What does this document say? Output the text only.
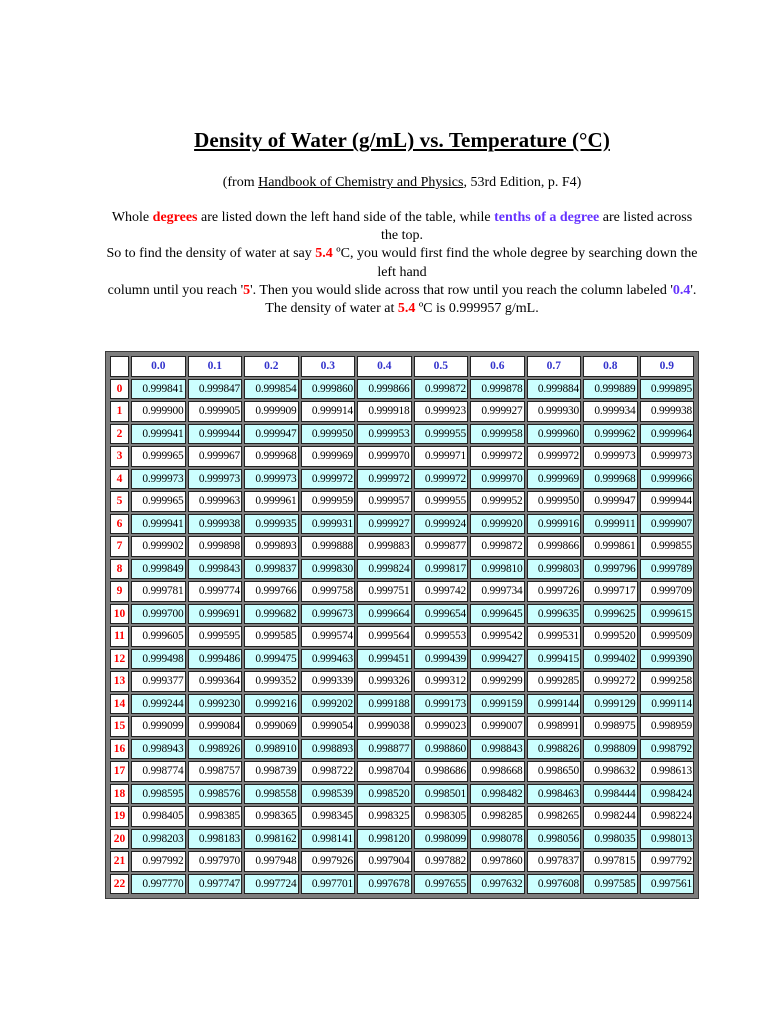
Density of Water (g/mL) vs. Temperature (°C)
(from Handbook of Chemistry and Physics, 53rd Edition, p. F4)
Whole degrees are listed down the left hand side of the table, while tenths of a degree are listed across the top.
So to find the density of water at say 5.4 ºC, you would first find the whole degree by searching down the left hand
column until you reach '5'. Then you would slide across that row until you reach the column labeled '0.4'.
The density of water at 5.4 ºC is 0.999957 g/mL.
	0.0	0.1	0.2	0.3	0.4	0.5	0.6	0.7	0.8	0.9
0	0.999841	0.999847	0.999854	0.999860	0.999866	0.999872	0.999878	0.999884	0.999889	0.999895
1	0.999900	0.999905	0.999909	0.999914	0.999918	0.999923	0.999927	0.999930	0.999934	0.999938
2	0.999941	0.999944	0.999947	0.999950	0.999953	0.999955	0.999958	0.999960	0.999962	0.999964
3	0.999965	0.999967	0.999968	0.999969	0.999970	0.999971	0.999972	0.999972	0.999973	0.999973
4	0.999973	0.999973	0.999973	0.999972	0.999972	0.999972	0.999970	0.999969	0.999968	0.999966
5	0.999965	0.999963	0.999961	0.999959	0.999957	0.999955	0.999952	0.999950	0.999947	0.999944
6	0.999941	0.999938	0.999935	0.999931	0.999927	0.999924	0.999920	0.999916	0.999911	0.999907
7	0.999902	0.999898	0.999893	0.999888	0.999883	0.999877	0.999872	0.999866	0.999861	0.999855
8	0.999849	0.999843	0.999837	0.999830	0.999824	0.999817	0.999810	0.999803	0.999796	0.999789
9	0.999781	0.999774	0.999766	0.999758	0.999751	0.999742	0.999734	0.999726	0.999717	0.999709
10	0.999700	0.999691	0.999682	0.999673	0.999664	0.999654	0.999645	0.999635	0.999625	0.999615
11	0.999605	0.999595	0.999585	0.999574	0.999564	0.999553	0.999542	0.999531	0.999520	0.999509
12	0.999498	0.999486	0.999475	0.999463	0.999451	0.999439	0.999427	0.999415	0.999402	0.999390
13	0.999377	0.999364	0.999352	0.999339	0.999326	0.999312	0.999299	0.999285	0.999272	0.999258
14	0.999244	0.999230	0.999216	0.999202	0.999188	0.999173	0.999159	0.999144	0.999129	0.999114
15	0.999099	0.999084	0.999069	0.999054	0.999038	0.999023	0.999007	0.998991	0.998975	0.998959
16	0.998943	0.998926	0.998910	0.998893	0.998877	0.998860	0.998843	0.998826	0.998809	0.998792
17	0.998774	0.998757	0.998739	0.998722	0.998704	0.998686	0.998668	0.998650	0.998632	0.998613
18	0.998595	0.998576	0.998558	0.998539	0.998520	0.998501	0.998482	0.998463	0.998444	0.998424
19	0.998405	0.998385	0.998365	0.998345	0.998325	0.998305	0.998285	0.998265	0.998244	0.998224
20	0.998203	0.998183	0.998162	0.998141	0.998120	0.998099	0.998078	0.998056	0.998035	0.998013
21	0.997992	0.997970	0.997948	0.997926	0.997904	0.997882	0.997860	0.997837	0.997815	0.997792
22	0.997770	0.997747	0.997724	0.997701	0.997678	0.997655	0.997632	0.997608	0.997585	0.997561
